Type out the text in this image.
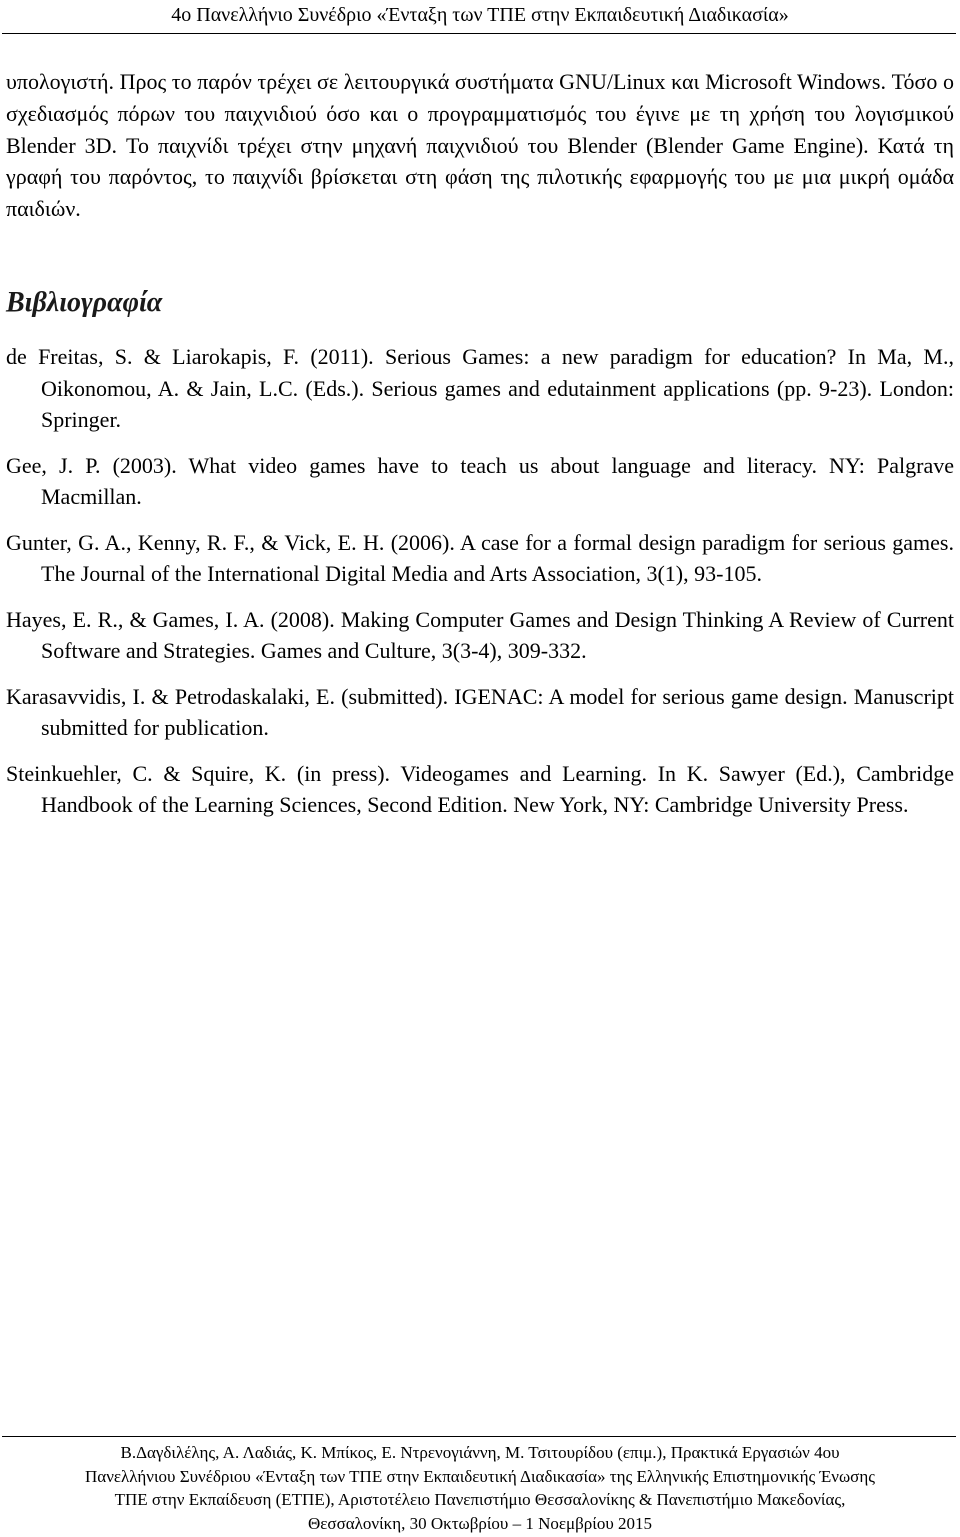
4ο Πανελλήνιο Συνέδριο «Ένταξη των ΤΠΕ στην Εκπαιδευτική Διαδικασία»
υπολογιστή. Προς το παρόν τρέχει σε λειτουργικά συστήματα GNU/Linux και Microsoft Windows. Τόσο ο σχεδιασμός πόρων του παιχνιδιού όσο και ο προγραμματισμός του έγινε με τη χρήση του λογισμικού Blender 3D. Το παιχνίδι τρέχει στην μηχανή παιχνιδιού του Blender (Blender Game Engine). Κατά τη γραφή του παρόντος, το παιχνίδι βρίσκεται στη φάση της πιλοτικής εφαρμογής του με μια μικρή ομάδα παιδιών.
Βιβλιογραφία
de Freitas, S. & Liarokapis, F. (2011). Serious Games: a new paradigm for education? In Ma, M., Oikonomou, A. & Jain, L.C. (Eds.). Serious games and edutainment applications (pp. 9-23). London: Springer.
Gee, J. P. (2003). What video games have to teach us about language and literacy. NY: Palgrave Macmillan.
Gunter, G. A., Kenny, R. F., & Vick, E. H. (2006). A case for a formal design paradigm for serious games. The Journal of the International Digital Media and Arts Association, 3(1), 93-105.
Hayes, E. R., & Games, I. A. (2008). Making Computer Games and Design Thinking A Review of Current Software and Strategies. Games and Culture, 3(3-4), 309-332.
Karasavvidis, I. & Petrodaskalaki, E. (submitted). IGENAC: A model for serious game design. Manuscript submitted for publication.
Steinkuehler, C. & Squire, K. (in press). Videogames and Learning. In K. Sawyer (Ed.), Cambridge Handbook of the Learning Sciences, Second Edition. New York, NY: Cambridge University Press.
Β.Δαγδιλέλης, Α. Λαδιάς, Κ. Μπίκος, Ε. Ντρενογιάννη, Μ. Τσιτουρίδου (επιμ.), Πρακτικά Εργασιών 4ου
Πανελλήνιου Συνέδριου «Ένταξη των ΤΠΕ στην Εκπαιδευτική Διαδικασία» της Ελληνικής Επιστημονικής Ένωσης
ΤΠΕ στην Εκπαίδευση (ΕΤΠΕ), Αριστοτέλειο Πανεπιστήμιο Θεσσαλονίκης & Πανεπιστήμιο Μακεδονίας,
Θεσσαλονίκη, 30 Οκτωβρίου – 1 Νοεμβρίου 2015
